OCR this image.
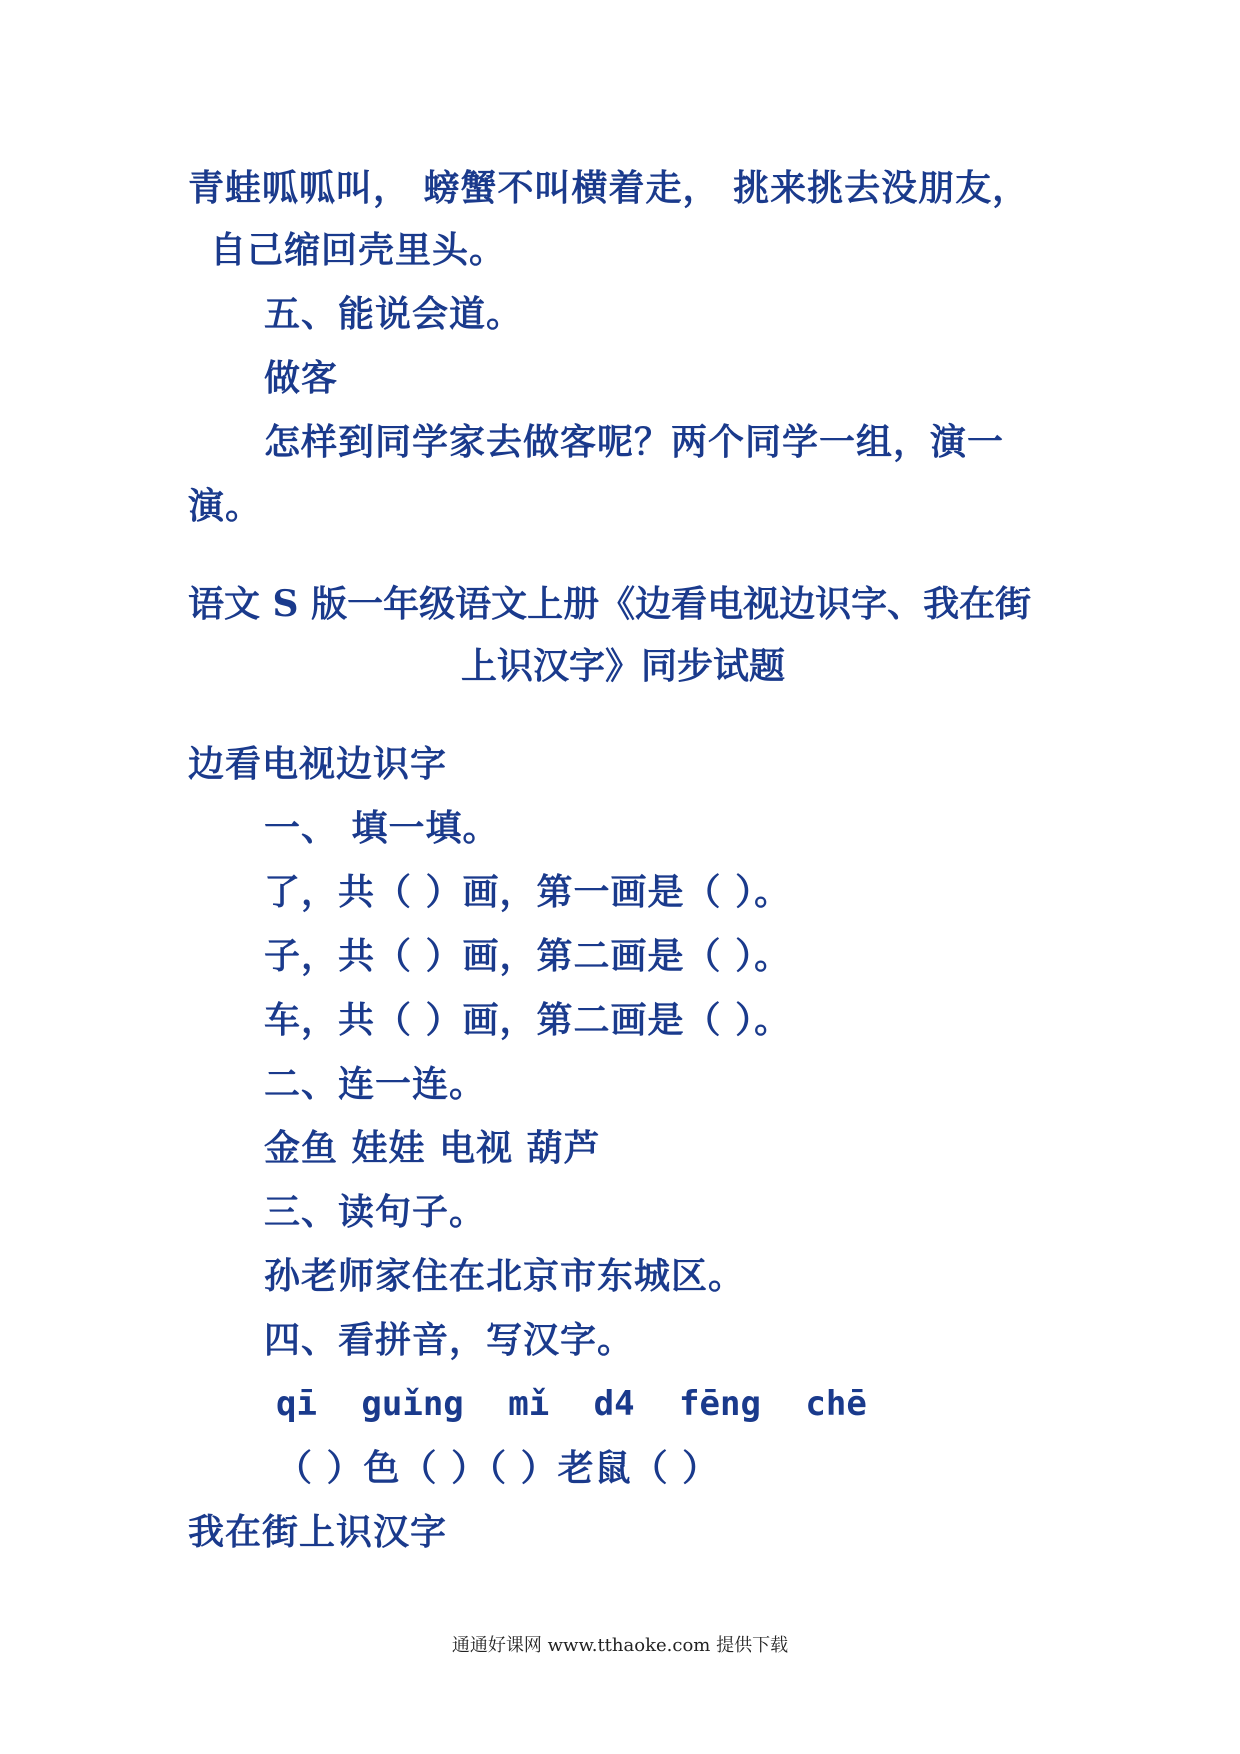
青蛙呱呱叫， 螃蟹不叫横着走， 挑来挑去没朋友，
自己缩回壳里头。
五、能说会道。
做客
怎样到同学家去做客呢？两个同学一组，演一
演。
语文 S 版一年级语文上册《边看电视边识字、我在街
上识汉字》同步试题
边看电视边识字
一、 填一填。
了，共（ ）画，第一画是（ ）。
子，共（ ）画，第二画是（ ）。
车，共（ ）画，第二画是（ ）。
二、连一连。
金鱼 娃娃 电视 葫芦
三、读句子。
孙老师家住在北京市东城区。
四、看拼音，写汉字。
qī guǐng mǐ d4 fēng chē
（ ）色（ ）（ ）老鼠（ ）
我在街上识汉字
通通好课网 www.tthaoke.com 提供下载
